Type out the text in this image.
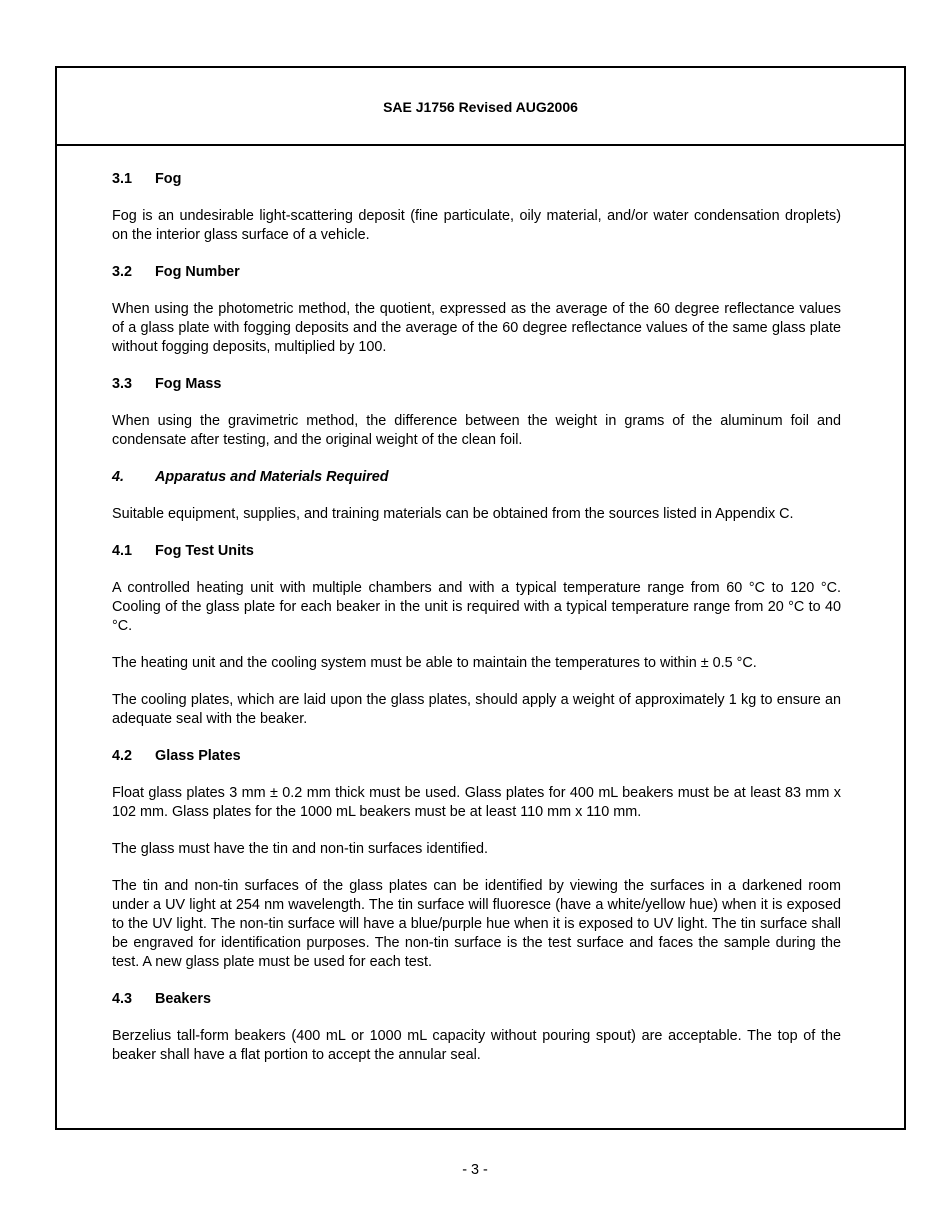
SAE J1756 Revised AUG2006
3.1	Fog

Fog is an undesirable light-scattering deposit (fine particulate, oily material, and/or water condensation droplets) on the interior glass surface of a vehicle.

3.2	Fog Number

When using the photometric method, the quotient, expressed as the average of the 60 degree reflectance values of a glass plate with fogging deposits and the average of the 60 degree reflectance values of the same glass plate without fogging deposits, multiplied by 100.

3.3	Fog Mass

When using the gravimetric method, the difference between the weight in grams of the aluminum foil and condensate after testing, and the original weight of the clean foil.

4.	Apparatus and Materials Required

Suitable equipment, supplies, and training materials can be obtained from the sources listed in Appendix C.

4.1	Fog Test Units

A controlled heating unit with multiple chambers and with a typical temperature range from 60 °C to 120 °C. Cooling of the glass plate for each beaker in the unit is required with a typical temperature range from 20 °C to 40 °C.

The heating unit and the cooling system must be able to maintain the temperatures to within ± 0.5 °C.

The cooling plates, which are laid upon the glass plates, should apply a weight of approximately 1 kg to ensure an adequate seal with the beaker.

4.2	Glass Plates

Float glass plates 3 mm ± 0.2 mm thick must be used. Glass plates for 400 mL beakers must be at least 83 mm x 102 mm. Glass plates for the 1000 mL beakers must be at least 110 mm x 110 mm.

The glass must have the tin and non-tin surfaces identified.

The tin and non-tin surfaces of the glass plates can be identified by viewing the surfaces in a darkened room under a UV light at 254 nm wavelength. The tin surface will fluoresce (have a white/yellow hue) when it is exposed to the UV light. The non-tin surface will have a blue/purple hue when it is exposed to UV light. The tin surface shall be engraved for identification purposes. The non-tin surface is the test surface and faces the sample during the test. A new glass plate must be used for each test.

4.3	Beakers

Berzelius tall-form beakers (400 mL or 1000 mL capacity without pouring spout) are acceptable. The top of the beaker shall have a flat portion to accept the annular seal.

- 3 -
